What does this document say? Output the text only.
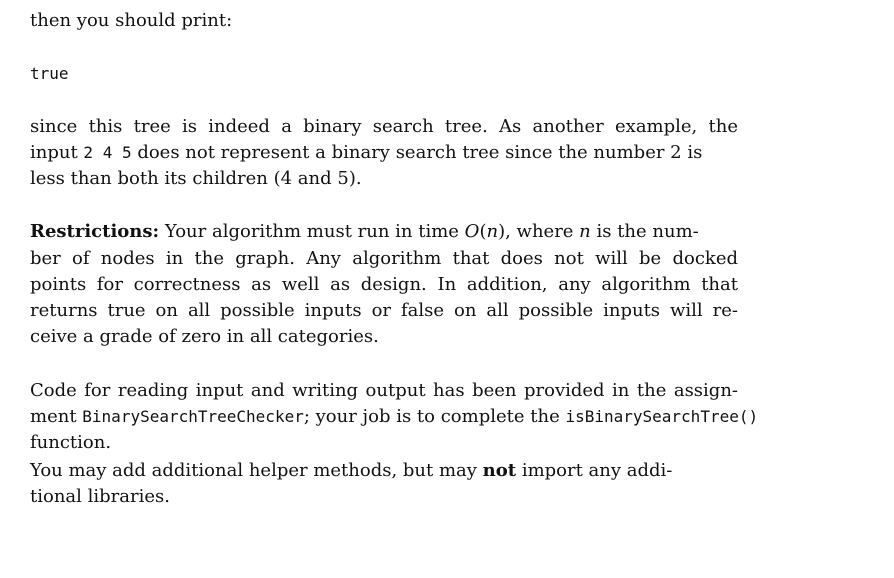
then you should print:
true
since this tree is indeed a binary search tree. As another example, the
input 2 4 5 does not represent a binary search tree since the number 2 is
less than both its children (4 and 5).
Restrictions: Your algorithm must run in time O(n), where n is the num-
ber of nodes in the graph. Any algorithm that does not will be docked
points for correctness as well as design. In addition, any algorithm that
returns true on all possible inputs or false on all possible inputs will re-
ceive a grade of zero in all categories.
Code for reading input and writing output has been provided in the assign-
ment BinarySearchTreeChecker; your job is to complete the isBinarySearchTree()
function.
You may add additional helper methods, but may not import any addi-
tional libraries.
